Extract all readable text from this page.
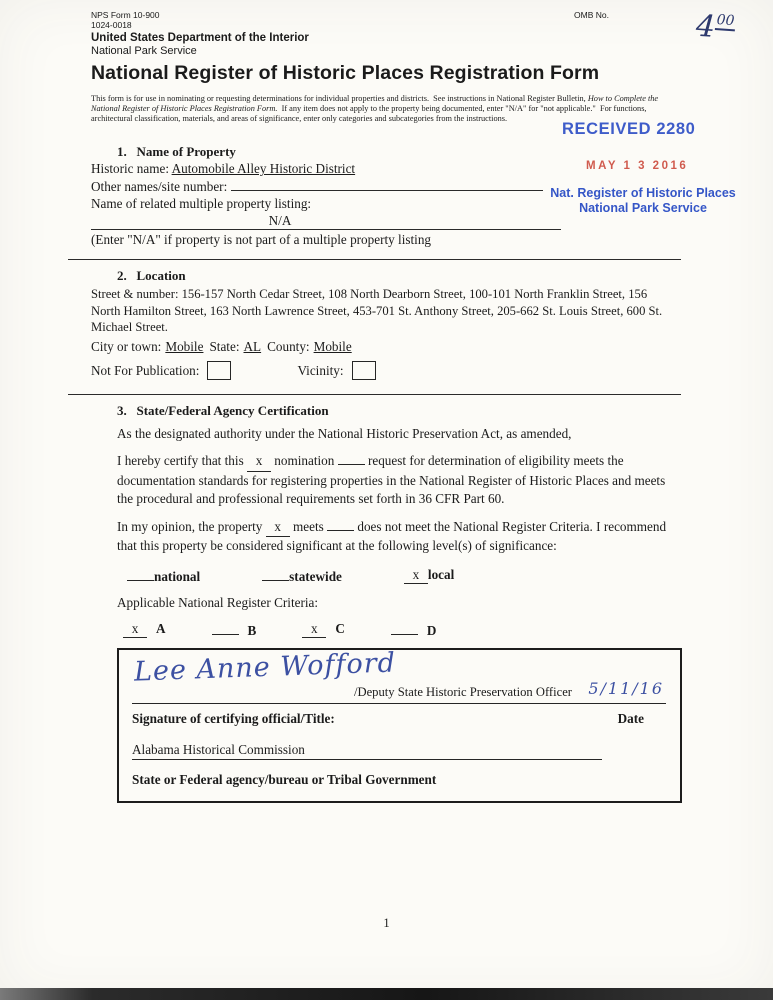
400
RECEIVED 2280
MAY 1 3 2016
Nat. Register of Historic Places
National Park Service
NPS Form 10-900	OMB No.
1024-0018
United States Department of the Interior
National Park Service
National Register of Historic Places Registration Form

This form is for use in nominating or requesting determinations for individual properties and districts.  See instructions in National Register Bulletin, How to Complete the National Register of Historic Places Registration Form.  If any item does not apply to the property being documented, enter "N/A" for "not applicable."  For functions, architectural classification, materials, and areas of significance, enter only categories and subcategories from the instructions.

1.   Name of Property
Historic name: Automobile Alley Historic District
Other names/site number:
Name of related multiple property listing:
N/A
(Enter "N/A" if property is not part of a multiple property listing
2.   Location

Street & number: 156-157 North Cedar Street, 108 North Dearborn Street, 100-101 North Franklin Street, 156 North Hamilton Street, 163 North Lawrence Street, 453-701 St. Anthony Street, 205-662 St. Louis Street, 600 St. Michael Street.

City or town: Mobile State: AL County: Mobile
Not For Publication:	Vicinity:
3.   State/Federal Agency Certification

As the designated authority under the National Historic Preservation Act, as amended,

I hereby certify that this x nomination	request for determination of eligibility meets the documentation standards for registering properties in the National Register of Historic Places and meets the procedural and professional requirements set forth in 36 CFR Part 60.

In my opinion, the property x meets	does not meet the National Register Criteria. I recommend that this property be considered significant at the following level(s) of significance:

national	statewide	x local

Applicable National Register Criteria:

x A	B	x C	D
Lee Anne Wofford
/Deputy State Historic Preservation Officer 5/11/16
Signature of certifying official/Title:	Date
Alabama Historical Commission
State or Federal agency/bureau or Tribal Government
1
